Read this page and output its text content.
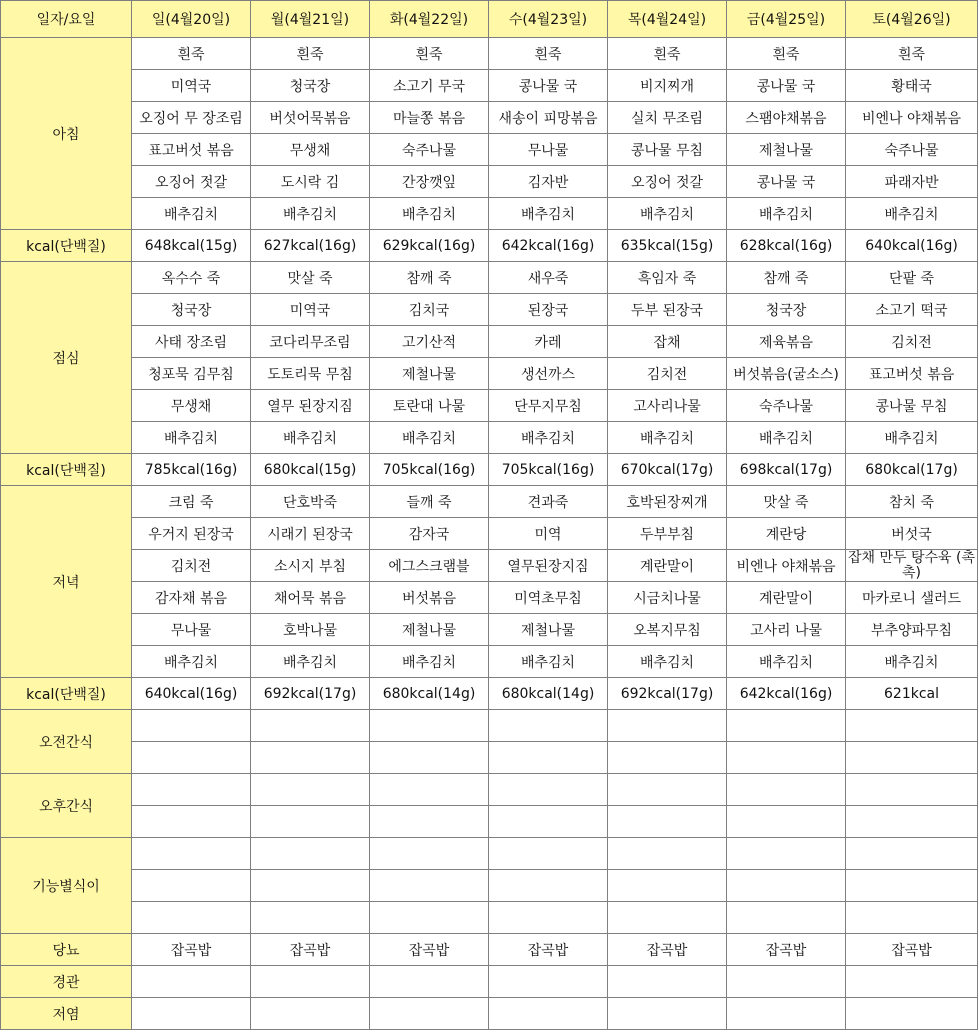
일자/요일	일(4월20일)	월(4월21일)	화(4월22일)	수(4월23일)	목(4월24일)	금(4월25일)	토(4월26일)
아침	흰죽	흰죽	흰죽	흰죽	흰죽	흰죽	흰죽
	미역국	청국장	소고기 무국	콩나물 국	비지찌개	콩나물 국	황태국
	오징어 무 장조림	버섯어묵볶음	마늘쫑 볶음	새송이 피망볶음	실치 무조림	스팸야채볶음	비엔나 야채볶음
	표고버섯 볶음	무생채	숙주나물	무나물	콩나물 무침	제철나물	숙주나물
	오징어 젓갈	도시락 김	간장깻잎	김자반	오징어 젓갈	콩나물 국	파래자반
	배추김치	배추김치	배추김치	배추김치	배추김치	배추김치	배추김치
kcal(단백질)	648kcal(15g)	627kcal(16g)	629kcal(16g)	642kcal(16g)	635kcal(15g)	628kcal(16g)	640kcal(16g)
점심	옥수수 죽	맛살 죽	참깨 죽	새우죽	흑임자 죽	참깨 죽	단팥 죽
	청국장	미역국	김치국	된장국	두부 된장국	청국장	소고기 떡국
	사태 장조림	코다리무조림	고기산적	카레	잡채	제육볶음	김치전
	청포묵 김무침	도토리묵 무침	제철나물	생선까스	김치전	버섯볶음(굴소스)	표고버섯 볶음
	무생채	열무 된장지짐	토란대 나물	단무지무침	고사리나물	숙주나물	콩나물 무침
	배추김치	배추김치	배추김치	배추김치	배추김치	배추김치	배추김치
kcal(단백질)	785kcal(16g)	680kcal(15g)	705kcal(16g)	705kcal(16g)	670kcal(17g)	698kcal(17g)	680kcal(17g)
저녁	크림 죽	단호박죽	들깨 죽	견과죽	호박된장찌개	맛살 죽	참치 죽
	우거지 된장국	시래기 된장국	감자국	미역	두부부침	계란당	버섯국
	김치전	소시지 부침	에그스크램블	열무된장지짐	계란말이	비엔나 야채볶음	잡채 만두 탕수육 (촉촉)
	감자채 볶음	채어묵 볶음	버섯볶음	미역초무침	시금치나물	계란말이	마카로니 샐러드
	무나물	호박나물	제철나물	제철나물	오복지무침	고사리 나물	부추양파무침
	배추김치	배추김치	배추김치	배추김치	배추김치	배추김치	배추김치
kcal(단백질)	640kcal(16g)	692kcal(17g)	680kcal(14g)	680kcal(14g)	692kcal(17g)	642kcal(16g)	621kcal
오전간식							

오후간식							

기능별식이							

당뇨	잡곡밥	잡곡밥	잡곡밥	잡곡밥	잡곡밥	잡곡밥	잡곡밥
경관							
저염							
